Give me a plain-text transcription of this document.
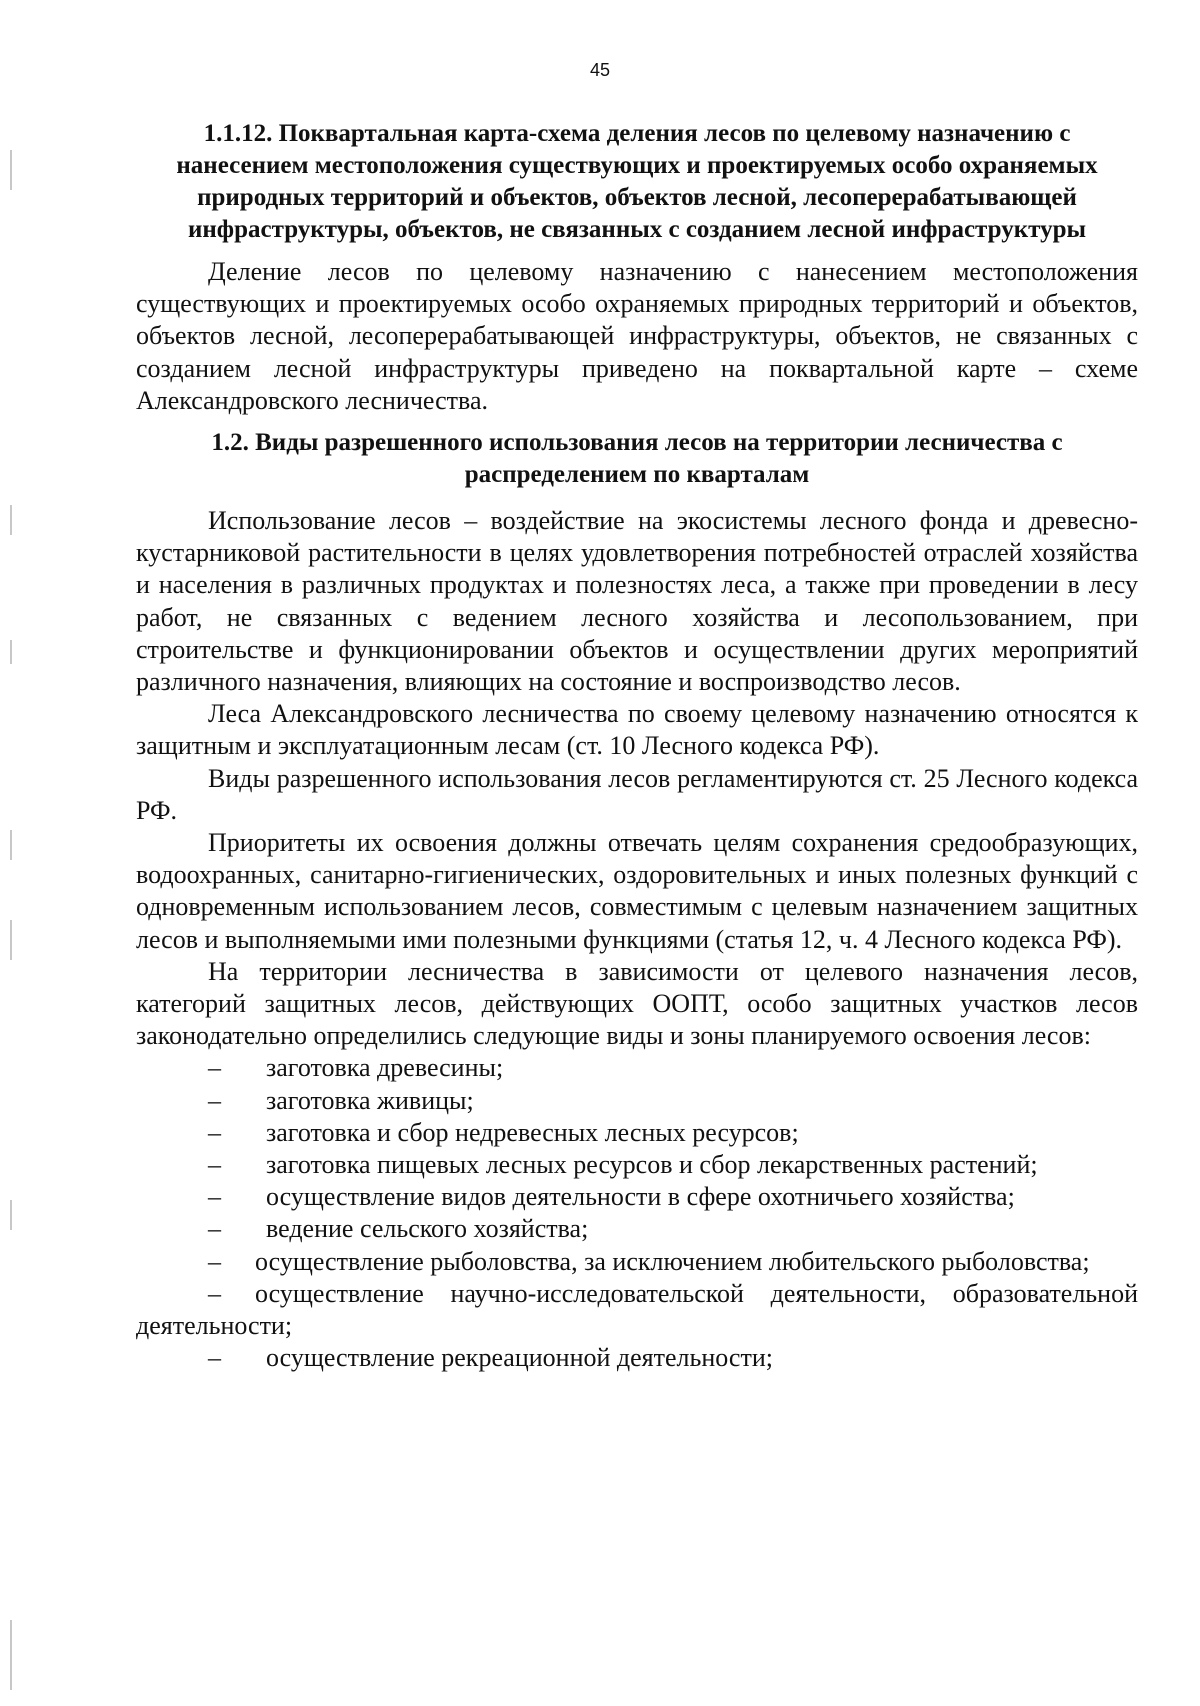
45
1.1.12. Поквартальная карта-схема деления лесов по целевому назначению с нанесением местоположения существующих и проектируемых особо охраняемых природных территорий и объектов, объектов лесной, лесоперерабатывающей инфраструктуры, объектов, не связанных с созданием лесной инфраструктуры

Деление лесов по целевому назначению с нанесением местоположения существующих и проектируемых особо охраняемых природных территорий и объектов, объектов лесной, лесоперерабатывающей инфраструктуры, объектов, не связанных с созданием лесной инфраструктуры приведено на поквартальной карте – схеме Александровского лесничества.

1.2. Виды разрешенного использования лесов на территории лесничества с распределением по кварталам

Использование лесов – воздействие на экосистемы лесного фонда и древесно-кустарниковой растительности в целях удовлетворения потребностей отраслей хозяйства и населения в различных продуктах и полезностях леса, а также при проведении в лесу работ, не связанных с ведением лесного хозяйства и лесопользованием, при строительстве и функционировании объектов и осуществлении других мероприятий различного назначения, влияющих на состояние и воспроизводство лесов.

Леса Александровского лесничества по своему целевому назначению относятся к защитным и эксплуатационным лесам (ст. 10 Лесного кодекса РФ).

Виды разрешенного использования лесов регламентируются ст. 25 Лесного кодекса РФ.

Приоритеты их освоения должны отвечать целям сохранения средообразующих, водоохранных, санитарно-гигиенических, оздоровительных и иных полезных функций с одновременным использованием лесов, совместимым с целевым назначением защитных лесов и выполняемыми ими полезными функциями (статья 12, ч. 4 Лесного кодекса РФ).

На территории лесничества в зависимости от целевого назначения лесов, категорий защитных лесов, действующих ООПТ, особо защитных участков лесов законодательно определились следующие виды и зоны планируемого освоения лесов:

– заготовка древесины;
– заготовка живицы;
– заготовка и сбор недревесных лесных ресурсов;
– заготовка пищевых лесных ресурсов и сбор лекарственных растений;
– осуществление видов деятельности в сфере охотничьего хозяйства;
– ведение сельского хозяйства;
– осуществление рыболовства, за исключением любительского рыболовства;
– осуществление научно-исследовательской деятельности, образовательной деятельности;
– осуществление рекреационной деятельности;
